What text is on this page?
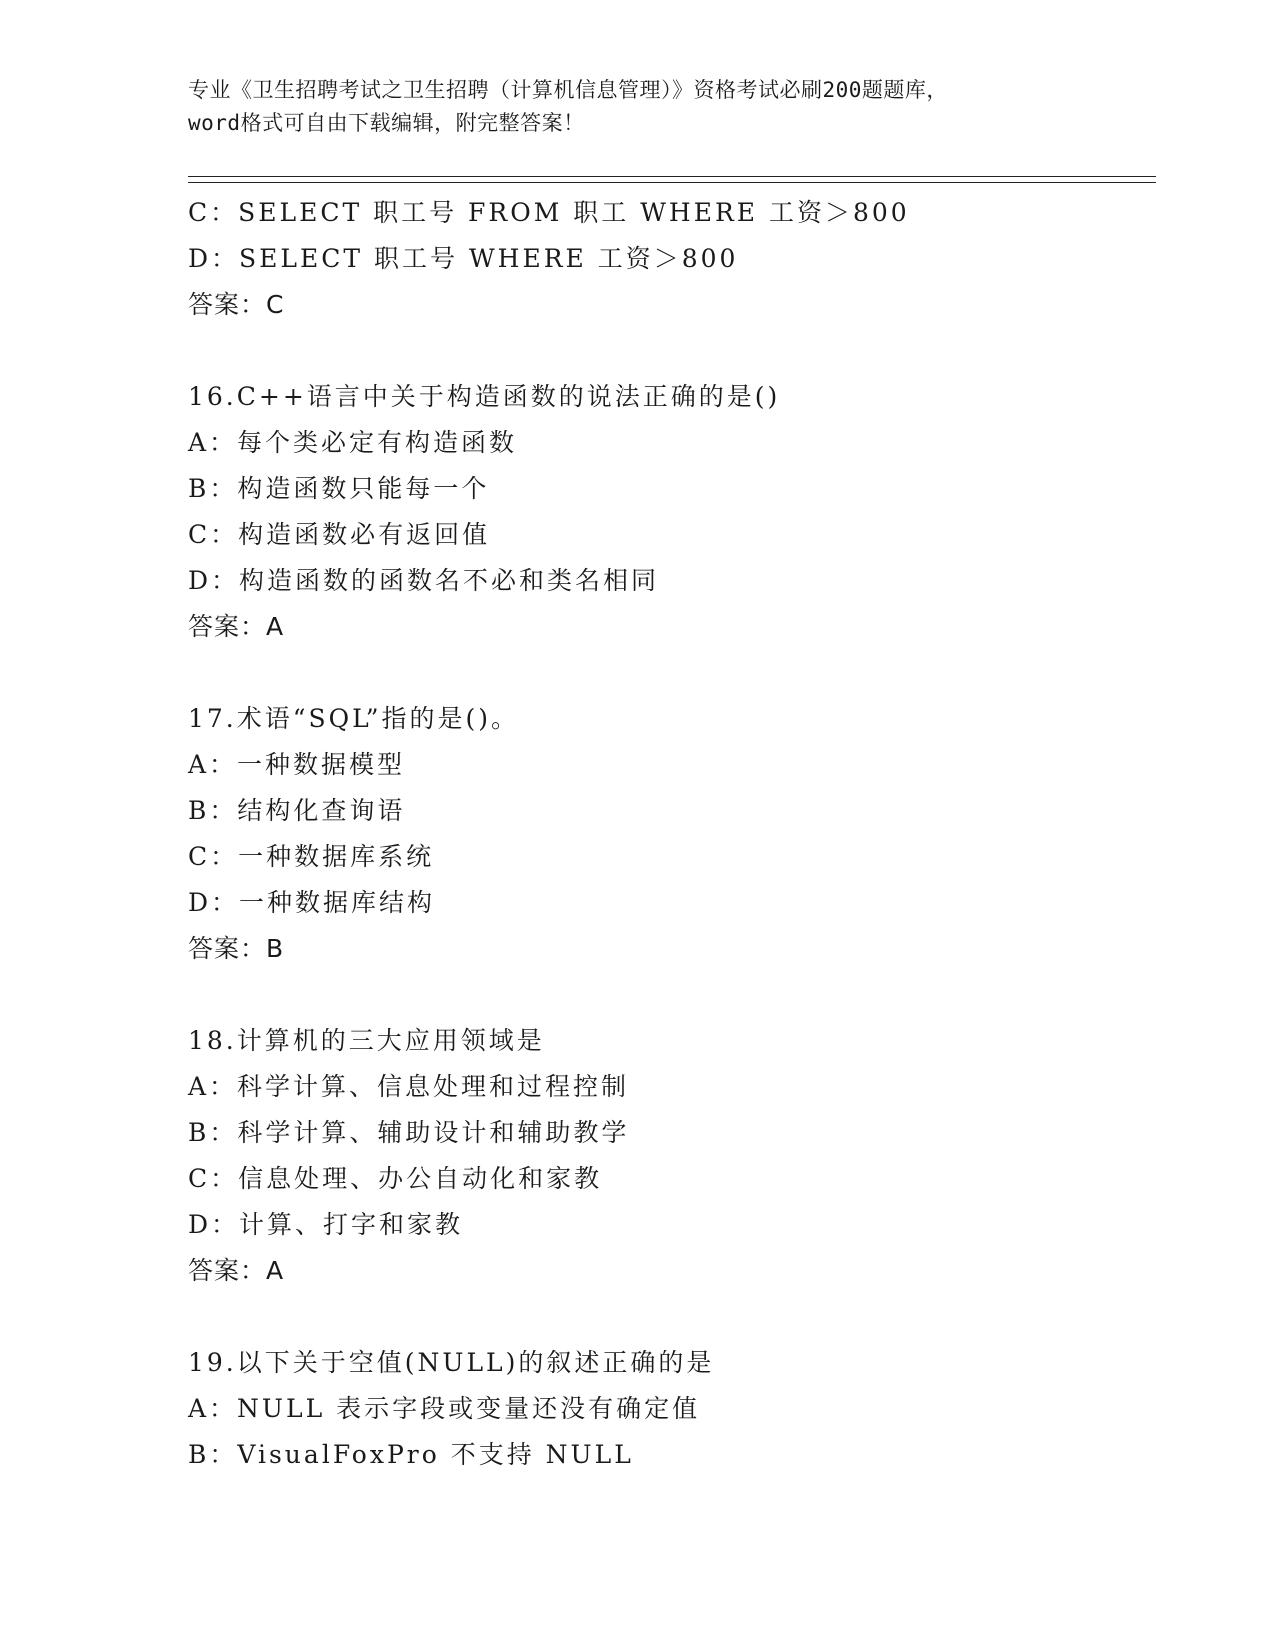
专业《卫生招聘考试之卫生招聘（计算机信息管理）》资格考试必刷200题题库，
word格式可自由下载编辑，附完整答案！
C：SELECT 职工号 FROM 职工 WHERE 工资＞800
D：SELECT 职工号 WHERE 工资＞800
答案：C
16.C++语言中关于构造函数的说法正确的是()
A：每个类必定有构造函数
B：构造函数只能每一个
C：构造函数必有返回值
D：构造函数的函数名不必和类名相同
答案：A
17.术语“SQL”指的是()。
A：一种数据模型
B：结构化查询语
C：一种数据库系统
D：一种数据库结构
答案：B
18.计算机的三大应用领域是
A：科学计算、信息处理和过程控制
B：科学计算、辅助设计和辅助教学
C：信息处理、办公自动化和家教
D：计算、打字和家教
答案：A
19.以下关于空值(NULL)的叙述正确的是
A：NULL 表示字段或变量还没有确定值
B：VisualFoxPro 不支持 NULL
